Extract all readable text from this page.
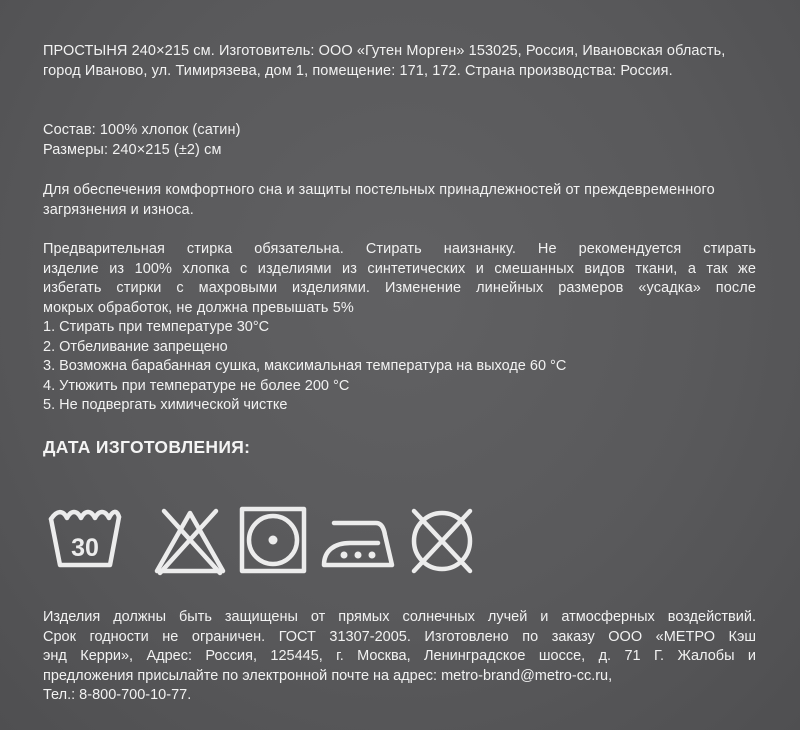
ПРОСТЫНЯ 240×215 см. Изготовитель: ООО «Гутен Морген» 153025, Россия, Ивановская область, город Иваново, ул. Тимирязева, дом 1, помещение: 171, 172. Страна производства: Россия.

Состав: 100% хлопок (сатин)
Размеры: 240×215 (±2) см

Для обеспечения комфортного сна и защиты постельных принадлежностей от преждевременного загрязнения и износа.

Предварительная стирка обязательна. Стирать наизнанку. Не рекомендуется стирать
изделие из 100% хлопка с изделиями из синтетических и смешанных видов ткани, а так же
избегать стирки с махровыми изделиями. Изменение линейных размеров «усадка» после
мокрых обработок, не должна превышать 5%
1. Стирать при температуре 30°C
2. Отбеливание запрещено
3. Возможна барабанная сушка, максимальная температура на выходе 60 °C
4. Утюжить при температуре не более 200 °C
5. Не подвергать химической чистке
ДАТА ИЗГОТОВЛЕНИЯ:
30
Изделия должны быть защищены от прямых солнечных лучей и атмосферных воздействий.
Срок годности не ограничен. ГОСТ 31307-2005. Изготовлено по заказу ООО «МЕТРО Кэш
энд Керри», Адрес: Россия, 125445, г. Москва, Ленинградское шоссе, д. 71 Г. Жалобы и
предложения присылайте по электронной почте на адрес: metro-brand@metro-cc.ru,
Тел.: 8-800-700-10-77.
